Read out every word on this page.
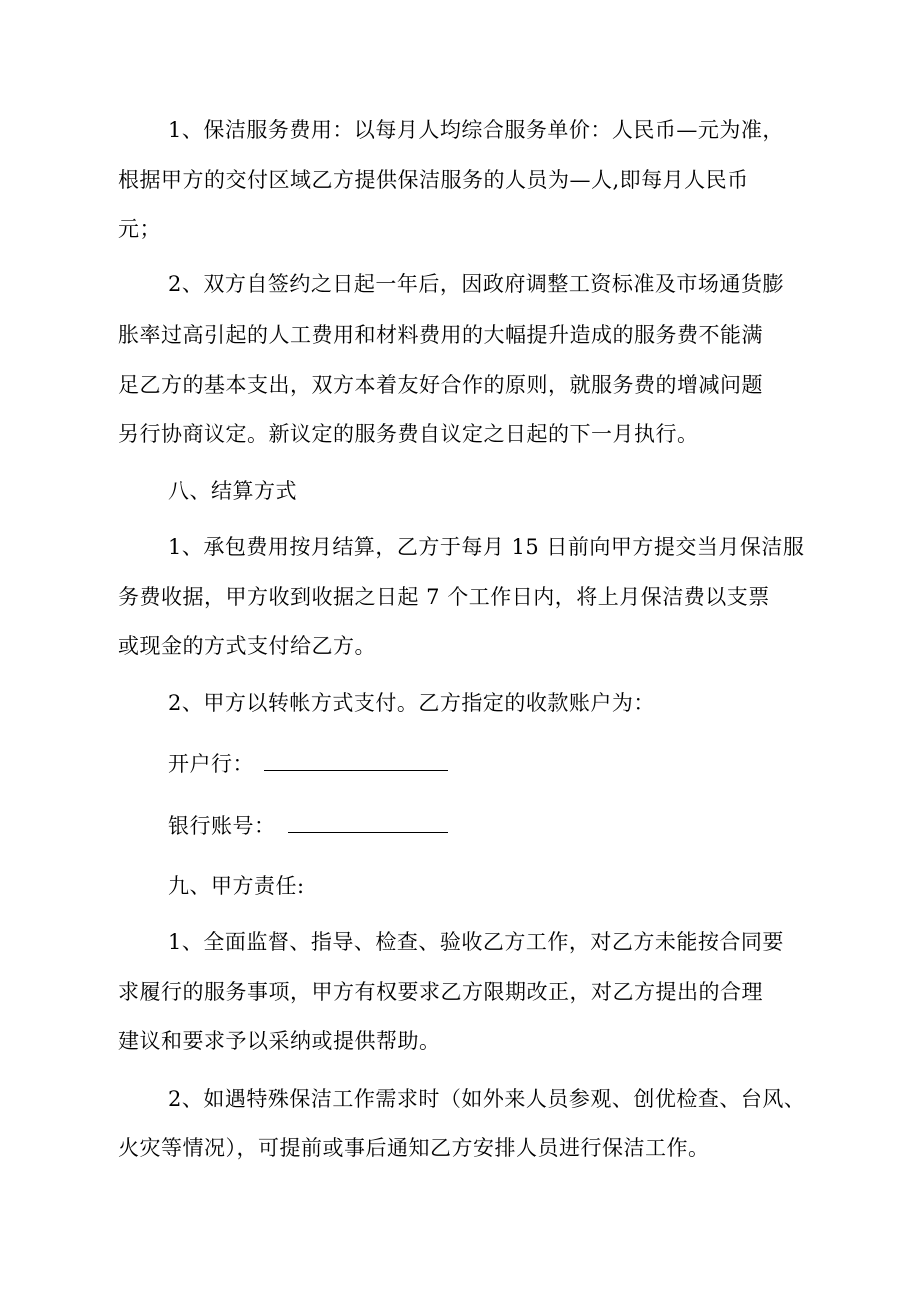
1、保洁服务费用：以每月人均综合服务单价：人民币—元为准，
根据甲方的交付区域乙方提供保洁服务的人员为—人,即每月人民币
元；
2、双方自签约之日起一年后，因政府调整工资标准及市场通货膨
胀率过高引起的人工费用和材料费用的大幅提升造成的服务费不能满
足乙方的基本支出，双方本着友好合作的原则，就服务费的增减问题
另行协商议定。新议定的服务费自议定之日起的下一月执行。
八、结算方式
1、承包费用按月结算，乙方于每月 15 日前向甲方提交当月保洁服
务费收据，甲方收到收据之日起 7 个工作日内，将上月保洁费以支票
或现金的方式支付给乙方。
2、甲方以转帐方式支付。乙方指定的收款账户为：
开户行：
银行账号：
九、甲方责任:
1、全面监督、指导、检查、验收乙方工作，对乙方未能按合同要
求履行的服务事项，甲方有权要求乙方限期改正，对乙方提出的合理
建议和要求予以采纳或提供帮助。
2、如遇特殊保洁工作需求时（如外来人员参观、创优检查、台风、
火灾等情况），可提前或事后通知乙方安排人员进行保洁工作。
